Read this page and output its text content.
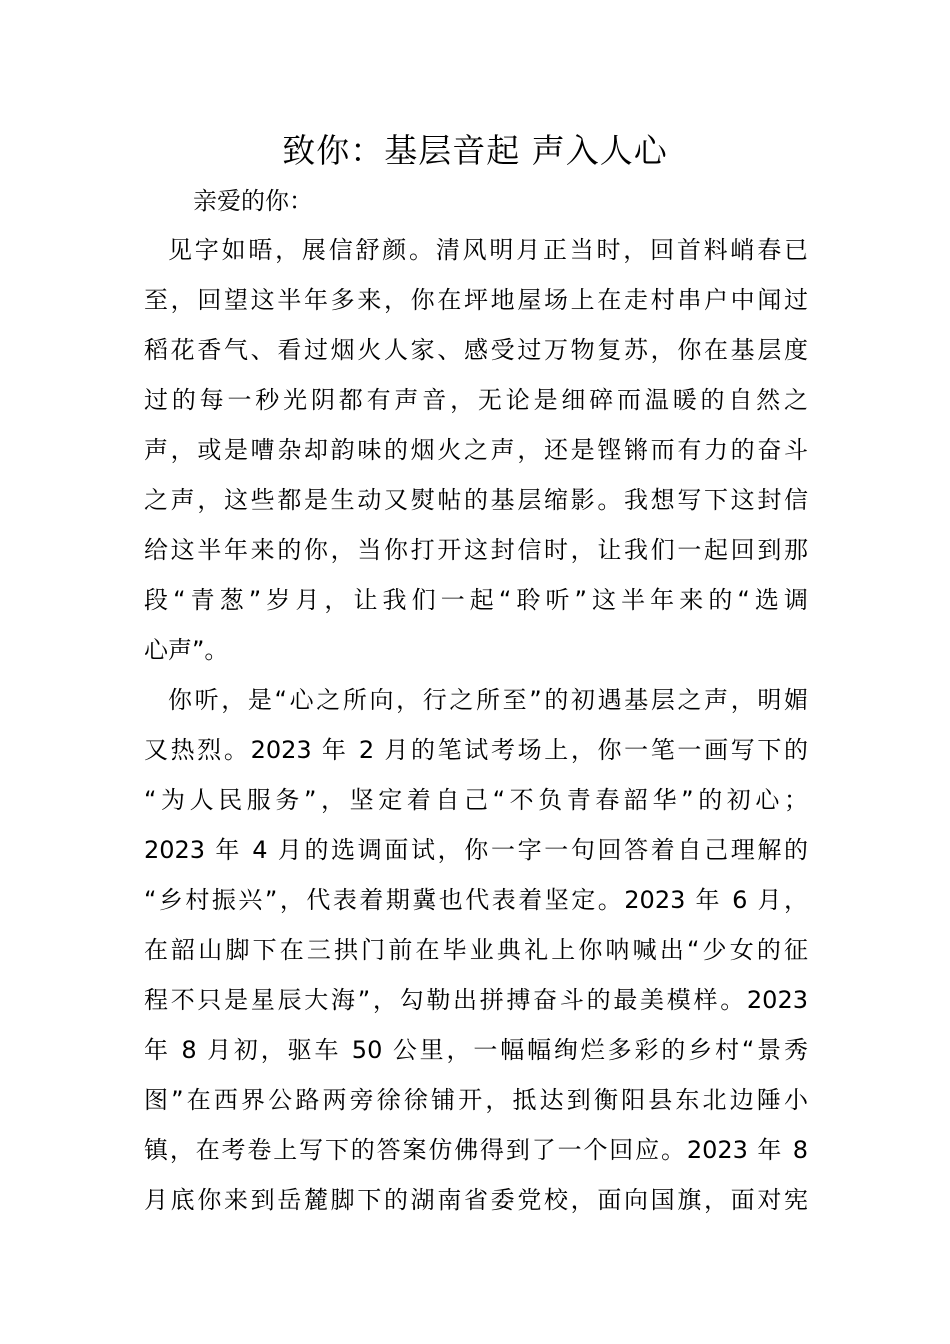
致你：基层音起 声入人心
亲爱的你：
见字如晤，展信舒颜。清风明月正当时，回首料峭春已
至，回望这半年多来，你在坪地屋场上在走村串户中闻过
稻花香气、看过烟火人家、感受过万物复苏，你在基层度
过的每一秒光阴都有声音，无论是细碎而温暖的自然之
声，或是嘈杂却韵味的烟火之声，还是铿锵而有力的奋斗
之声，这些都是生动又熨帖的基层缩影。我想写下这封信
给这半年来的你，当你打开这封信时，让我们一起回到那
段“青葱”岁月，让我们一起“聆听”这半年来的“选调
心声”。
你听，是“心之所向，行之所至”的初遇基层之声，明媚
又热烈。2023 年 2 月的笔试考场上，你一笔一画写下的
“为人民服务”，坚定着自己“不负青春韶华”的初心；
2023 年 4 月的选调面试，你一字一句回答着自己理解的
“乡村振兴”，代表着期冀也代表着坚定。2023 年 6 月，
在韶山脚下在三拱门前在毕业典礼上你呐喊出“少女的征
程不只是星辰大海”，勾勒出拼搏奋斗的最美模样。2023
年 8 月初，驱车 50 公里，一幅幅绚烂多彩的乡村“景秀
图”在西界公路两旁徐徐铺开，抵达到衡阳县东北边陲小
镇，在考卷上写下的答案仿佛得到了一个回应。2023 年 8
月底你来到岳麓脚下的湖南省委党校，面向国旗，面对宪
